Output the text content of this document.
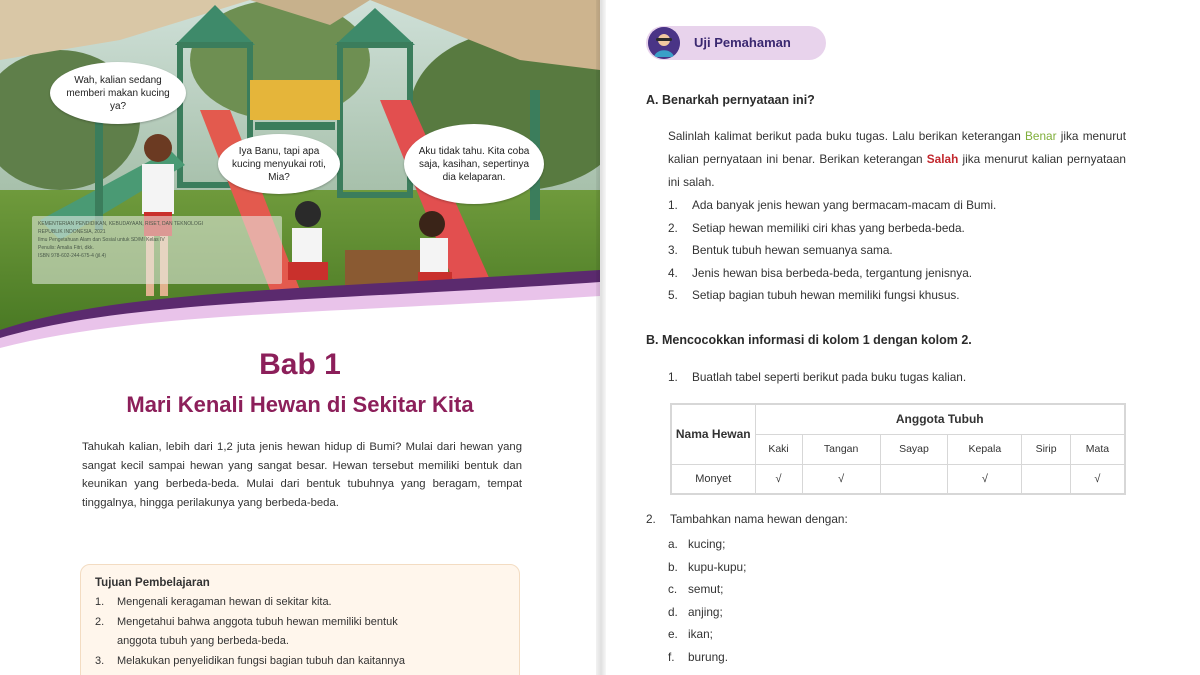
Wah, kalian sedang memberi makan kucing ya?
Iya Banu, tapi apa kucing menyukai roti, Mia?
Aku tidak tahu. Kita coba saja, kasihan, sepertinya dia kelaparan.
KEMENTERIAN PENDIDIKAN, KEBUDAYAAN, RISET, DAN TEKNOLOGI
REPUBLIK INDONESIA, 2021
Ilmu Pengetahuan Alam dan Sosial untuk SD/MI Kelas IV
Penulis: Amalia Fitri, dkk.
ISBN 978-602-244-675-4 (jil.4)
Bab 1
Mari Kenali Hewan di Sekitar Kita

Tahukah kalian, lebih dari 1,2 juta jenis hewan hidup di Bumi? Mulai dari hewan yang sangat kecil sampai hewan yang sangat besar. Hewan tersebut memiliki bentuk dan keunikan yang berbeda-beda. Mulai dari bentuk tubuhnya yang beragam, tempat tinggalnya, hingga perilakunya yang berbeda-beda.

Tujuan Pembelajaran
1.	Mengenali keragaman hewan di sekitar kita.
2.	Mengetahui bahwa anggota tubuh hewan memiliki bentuk
anggota tubuh yang berbeda-beda.
3.	Melakukan penyelidikan fungsi bagian tubuh dan kaitannya
Uji Pemahaman
A. Benarkah pernyataan ini?

Salinlah kalimat berikut pada buku tugas. Lalu berikan keterangan Benar jika menurut kalian pernyataan ini benar. Berikan keterangan Salah jika menurut kalian pernyataan ini salah.

1.	Ada banyak jenis hewan yang bermacam-macam di Bumi.
2.	Setiap hewan memiliki ciri khas yang berbeda-beda.
3.	Bentuk tubuh hewan semuanya sama.
4.	Jenis hewan bisa berbeda-beda, tergantung jenisnya.
5.	Setiap bagian tubuh hewan memiliki fungsi khusus.
B. Mencocokkan informasi di kolom 1 dengan kolom 2.
1.	Buatlah tabel seperti berikut pada buku tugas kalian.
Nama Hewan	Anggota Tubuh					
	Kaki	Tangan	Sayap	Kepala	Sirip	Mata
Monyet	√	√		√		√
2.	Tambahkan nama hewan dengan:
a. kucing;
b. kupu-kupu;
c. semut;
d. anjing;
e. ikan;
f.	burung.
